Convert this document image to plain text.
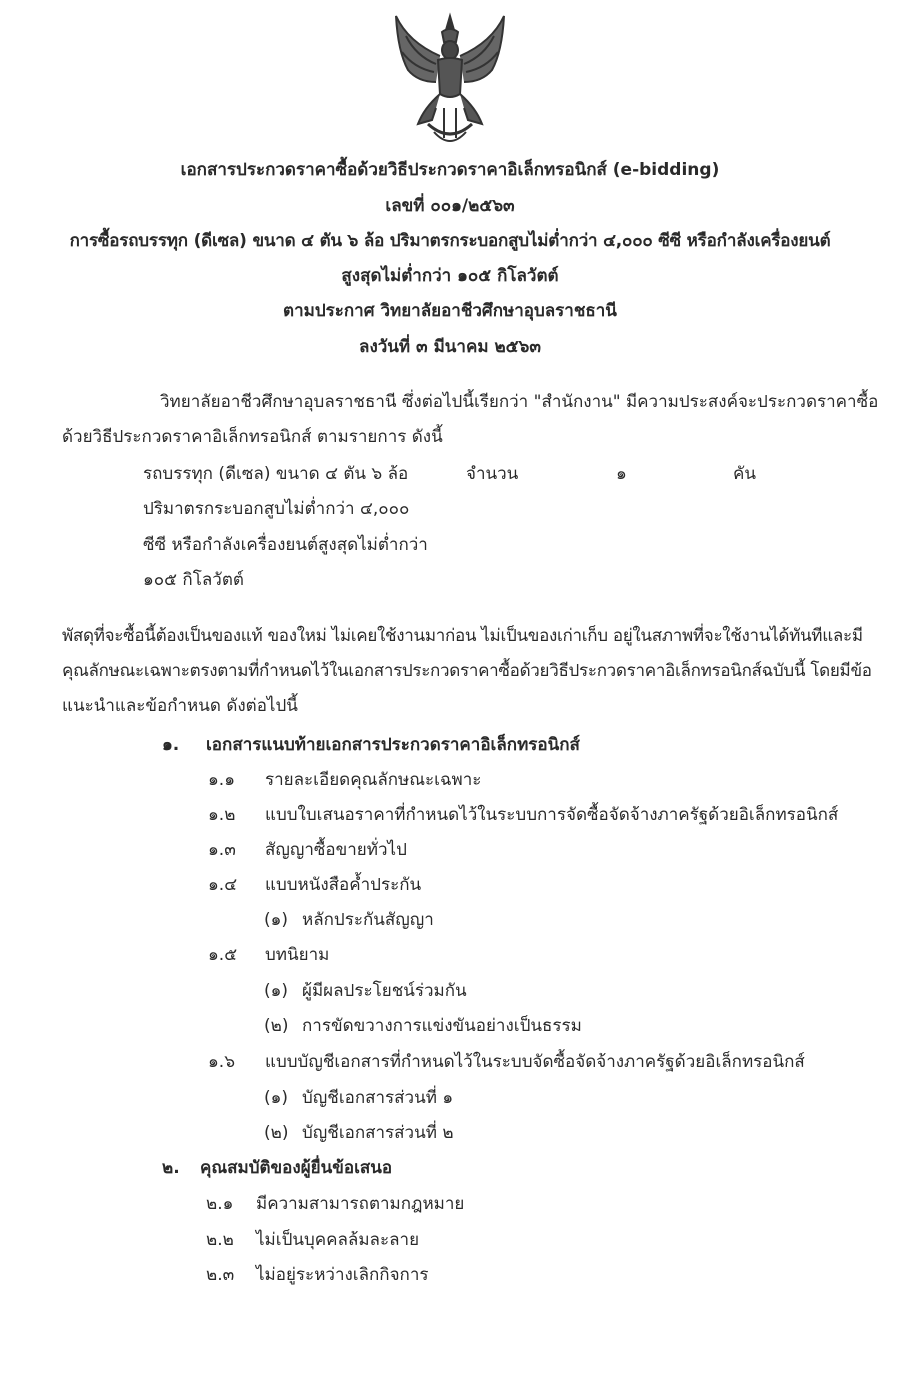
เอกสารประกวดราคาซื้อด้วยวิธีประกวดราคาอิเล็กทรอนิกส์ (e-bidding)
เลขที่ ๐๐๑/๒๕๖๓
การซื้อรถบรรทุก (ดีเซล) ขนาด ๔ ตัน ๖ ล้อ ปริมาตรกระบอกสูบไม่ต่ำกว่า ๔,๐๐๐ ซีซี หรือกำลังเครื่องยนต์
สูงสุดไม่ต่ำกว่า ๑๐๕ กิโลวัตต์
ตามประกาศ วิทยาลัยอาชีวศึกษาอุบลราชธานี
ลงวันที่ ๓ มีนาคม ๒๕๖๓
วิทยาลัยอาชีวศึกษาอุบลราชธานี ซึ่งต่อไปนี้เรียกว่า "สำนักงาน" มีความประสงค์จะประกวดราคาซื้อ
ด้วยวิธีประกวดราคาอิเล็กทรอนิกส์ ตามรายการ ดังนี้
รถบรรทุก (ดีเซล) ขนาด ๔ ตัน ๖ ล้อ
ปริมาตรกระบอกสูบไม่ต่ำกว่า ๔,๐๐๐
ซีซี หรือกำลังเครื่องยนต์สูงสุดไม่ต่ำกว่า
๑๐๕ กิโลวัตต์
จำนวน	๑	คัน
พัสดุที่จะซื้อนี้ต้องเป็นของแท้ ของใหม่ ไม่เคยใช้งานมาก่อน ไม่เป็นของเก่าเก็บ อยู่ในสภาพที่จะใช้งานได้ทันทีและมี
คุณลักษณะเฉพาะตรงตามที่กำหนดไว้ในเอกสารประกวดราคาซื้อด้วยวิธีประกวดราคาอิเล็กทรอนิกส์ฉบับนี้ โดยมีข้อ
แนะนำและข้อกำหนด ดังต่อไปนี้
๑. เอกสารแนบท้ายเอกสารประกวดราคาอิเล็กทรอนิกส์
๑.๑ รายละเอียดคุณลักษณะเฉพาะ
๑.๒ แบบใบเสนอราคาที่กำหนดไว้ในระบบการจัดซื้อจัดจ้างภาครัฐด้วยอิเล็กทรอนิกส์
๑.๓ สัญญาซื้อขายทั่วไป
๑.๔ แบบหนังสือค้ำประกัน
(๑) หลักประกันสัญญา
๑.๕ บทนิยาม
(๑) ผู้มีผลประโยชน์ร่วมกัน
(๒) การขัดขวางการแข่งขันอย่างเป็นธรรม
๑.๖ แบบบัญชีเอกสารที่กำหนดไว้ในระบบจัดซื้อจัดจ้างภาครัฐด้วยอิเล็กทรอนิกส์
(๑) บัญชีเอกสารส่วนที่ ๑
(๒) บัญชีเอกสารส่วนที่ ๒
๒. คุณสมบัติของผู้ยื่นข้อเสนอ
๒.๑ มีความสามารถตามกฎหมาย
๒.๒ ไม่เป็นบุคคลล้มละลาย
๒.๓ ไม่อยู่ระหว่างเลิกกิจการ
